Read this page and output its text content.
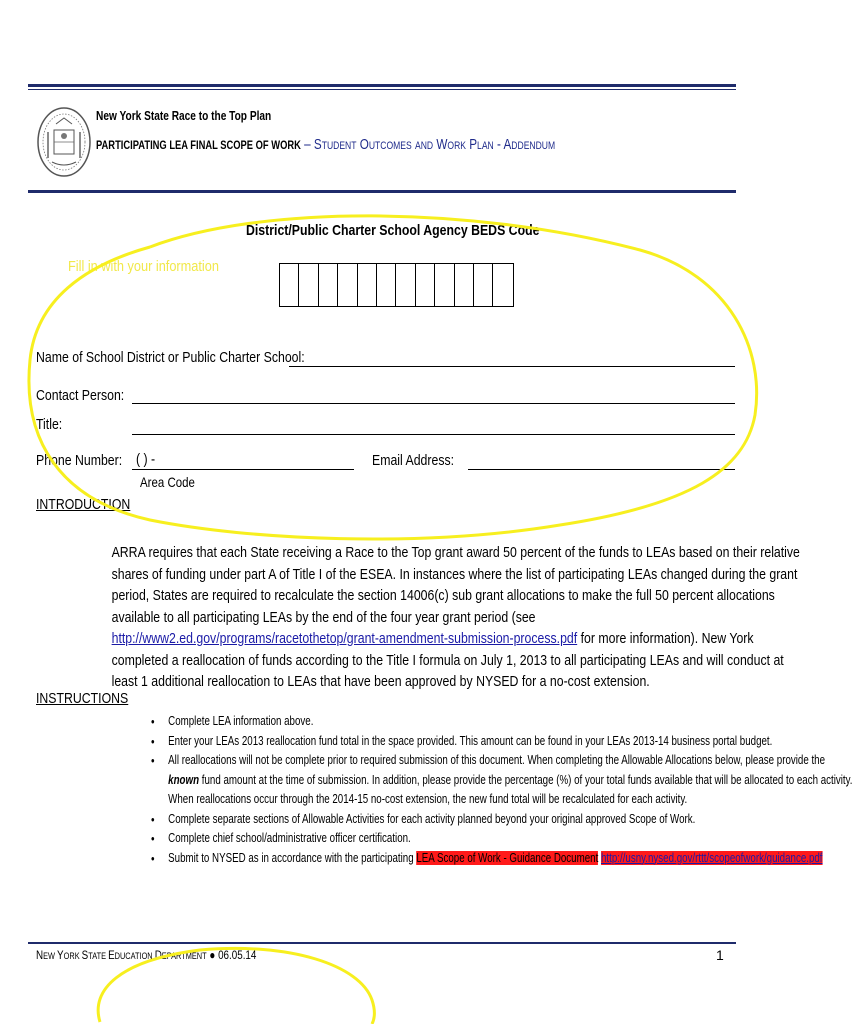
New York State Race to the Top Plan
PARTICIPATING LEA FINAL SCOPE OF WORK – Student Outcomes and Work Plan - Addendum
District/Public Charter School Agency BEDS Code
Fill in with your information
Name of School District or Public Charter School:
Contact Person:
Title:
Phone Number: ( ) -
Area Code
Email Address:
INTRODUCTION
ARRA requires that each State receiving a Race to the Top grant award 50 percent of the funds to LEAs based on their relative shares of funding under part A of Title I of the ESEA. In instances where the list of participating LEAs changed during the grant period, States are required to recalculate the section 14006(c) sub grant allocations to make the full 50 percent allocations available to all participating LEAs by the end of the four year grant period (see http://www2.ed.gov/programs/racetothetop/grant-amendment-submission-process.pdf for more information). New York completed a reallocation of funds according to the Title I formula on July 1, 2013 to all participating LEAs and will conduct at least 1 additional reallocation to LEAs that have been approved by NYSED for a no-cost extension.
INSTRUCTIONS
• Complete LEA information above.
• Enter your LEAs 2013 reallocation fund total in the space provided. This amount can be found in your LEAs 2013-14 business portal budget.
• All reallocations will not be complete prior to required submission of this document. When completing the Allowable Allocations below, please provide the
known fund amount at the time of submission. In addition, please provide the percentage (%) of your total funds available that will be allocated to each activity. When reallocations occur through the 2014-15 no-cost extension, the new fund total will be recalculated for each activity.
• Complete separate sections of Allowable Activities for each activity planned beyond your original approved Scope of Work.
• Complete chief school/administrative officer certification.
• Submit to NYSED as in accordance with the participating LEA Scope of Work - Guidance Document http://usny.nysed.gov/rttt/scopeofwork/guidance.pdf
NEW YORK STATE EDUCATION DEPARTMENT ● 06.05.14	1
